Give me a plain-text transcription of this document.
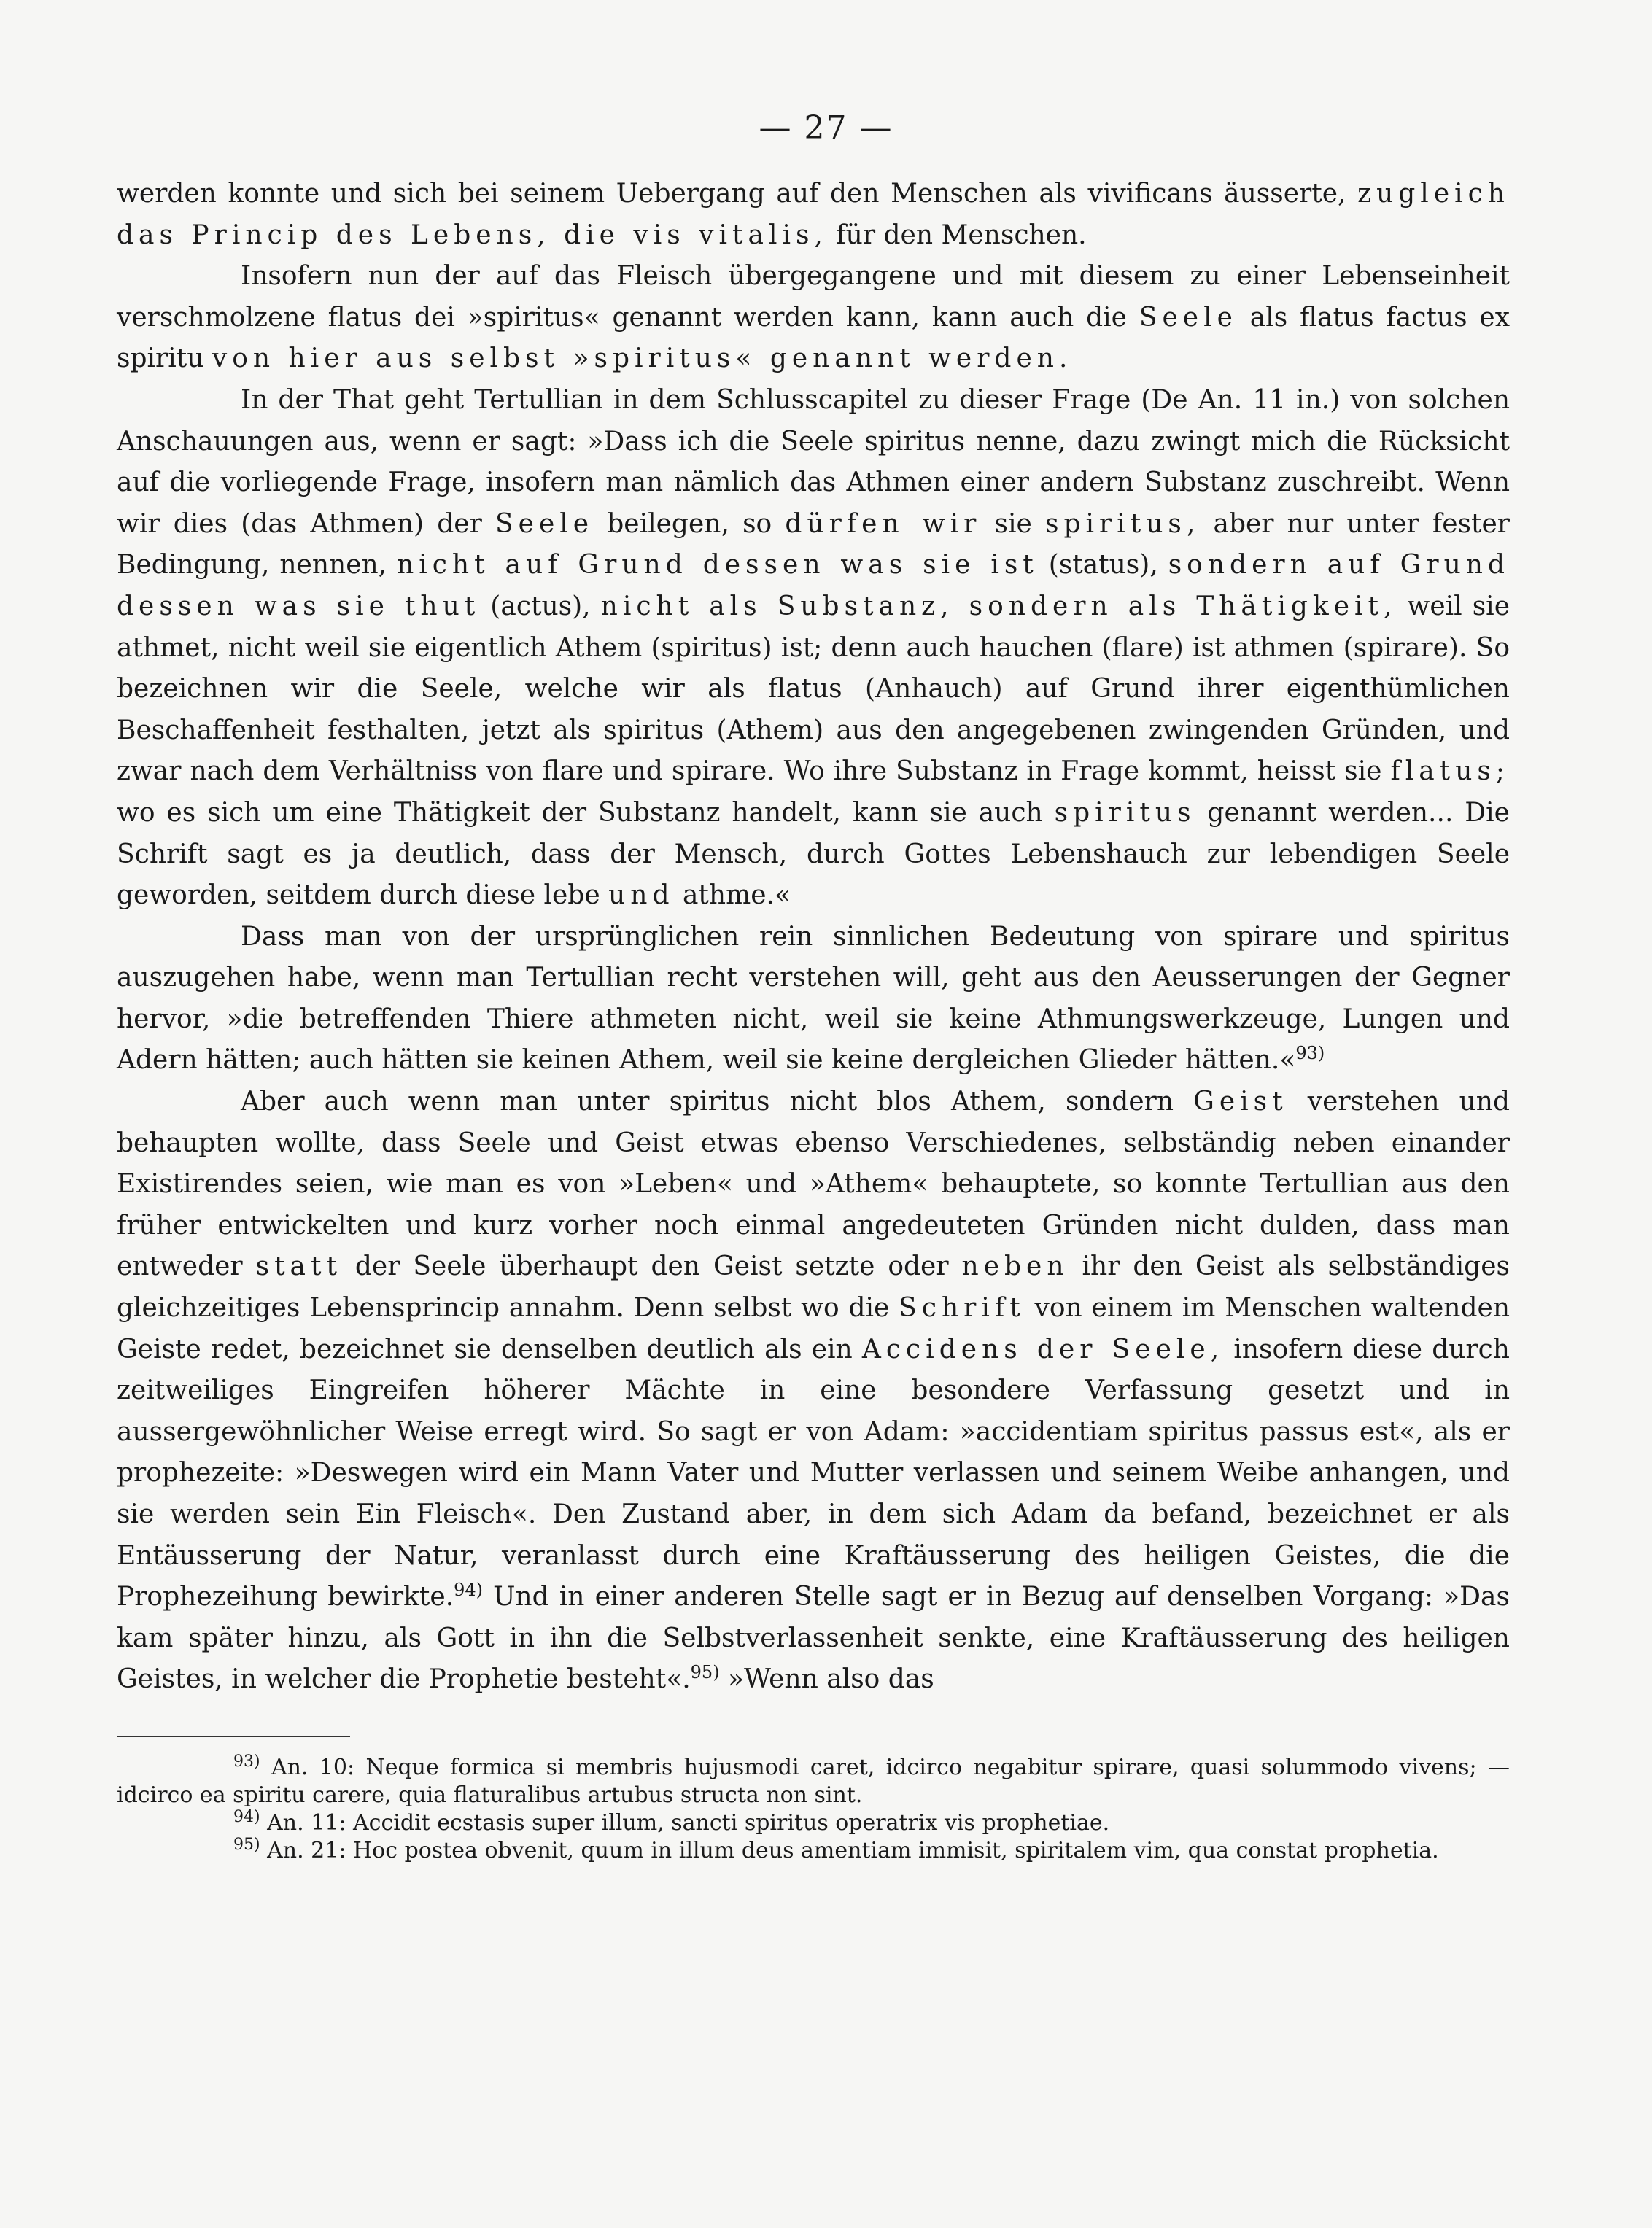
— 27 —

werden konnte und sich bei seinem Uebergang auf den Menschen als vivificans äusserte, zugleich das Princip des Lebens, die vis vitalis, für den Menschen.

Insofern nun der auf das Fleisch übergegangene und mit diesem zu einer Lebenseinheit verschmolzene flatus dei »spiritus« genannt werden kann, kann auch die Seele als flatus factus ex spiritu von hier aus selbst »spiritus« genannt werden.

In der That geht Tertullian in dem Schlusscapitel zu dieser Frage (De An. 11 in.) von solchen Anschauungen aus, wenn er sagt: »Dass ich die Seele spiritus nenne, dazu zwingt mich die Rücksicht auf die vorliegende Frage, insofern man nämlich das Athmen einer andern Substanz zuschreibt. Wenn wir dies (das Athmen) der Seele beilegen, so dürfen wir sie spiritus, aber nur unter fester Bedingung, nennen, nicht auf Grund dessen was sie ist (status), sondern auf Grund dessen was sie thut (actus), nicht als Substanz, sondern als Thätigkeit, weil sie athmet, nicht weil sie eigentlich Athem (spiritus) ist; denn auch hauchen (flare) ist athmen (spirare). So bezeichnen wir die Seele, welche wir als flatus (Anhauch) auf Grund ihrer eigenthümlichen Beschaffenheit festhalten, jetzt als spiritus (Athem) aus den angegebenen zwingenden Gründen, und zwar nach dem Verhältniss von flare und spirare. Wo ihre Substanz in Frage kommt, heisst sie flatus; wo es sich um eine Thätigkeit der Substanz handelt, kann sie auch spiritus genannt werden... Die Schrift sagt es ja deutlich, dass der Mensch, durch Gottes Lebenshauch zur lebendigen Seele geworden, seitdem durch diese lebe und athme.«

Dass man von der ursprünglichen rein sinnlichen Bedeutung von spirare und spiritus auszugehen habe, wenn man Tertullian recht verstehen will, geht aus den Aeusserungen der Gegner hervor, »die betreffenden Thiere athmeten nicht, weil sie keine Athmungswerkzeuge, Lungen und Adern hätten; auch hätten sie keinen Athem, weil sie keine dergleichen Glieder hätten.«$^{93)}$

Aber auch wenn man unter spiritus nicht blos Athem, sondern Geist verstehen und behaupten wollte, dass Seele und Geist etwas ebenso Verschiedenes, selbständig neben einander Existirendes seien, wie man es von »Leben« und »Athem« behauptete, so konnte Tertullian aus den früher entwickelten und kurz vorher noch einmal angedeuteten Gründen nicht dulden, dass man entweder statt der Seele überhaupt den Geist setzte oder neben ihr den Geist als selbständiges gleichzeitiges Lebensprincip annahm. Denn selbst wo die Schrift von einem im Menschen waltenden Geiste redet, bezeichnet sie denselben deutlich als ein Accidens der Seele, insofern diese durch zeitweiliges Eingreifen höherer Mächte in eine besondere Verfassung gesetzt und in aussergewöhnlicher Weise erregt wird. So sagt er von Adam: »accidentiam spiritus passus est«, als er prophezeite: »Deswegen wird ein Mann Vater und Mutter verlassen und seinem Weibe anhangen, und sie werden sein Ein Fleisch«. Den Zustand aber, in dem sich Adam da befand, bezeichnet er als Entäusserung der Natur, veranlasst durch eine Kraftäusserung des heiligen Geistes, die die Prophezeihung bewirkte.$^{94)}$ Und in einer anderen Stelle sagt er in Bezug auf denselben Vorgang: »Das kam später hinzu, als Gott in ihn die Selbstverlassenheit senkte, eine Kraftäusserung des heiligen Geistes, in welcher die Prophetie besteht«.$^{95)}$ »Wenn also das

$^{93)}$ An. 10: Neque formica si membris hujusmodi caret, idcirco negabitur spirare, quasi solummodo vivens; — idcirco ea spiritu carere, quia flaturalibus artubus structa non sint.

$^{94)}$ An. 11: Accidit ecstasis super illum, sancti spiritus operatrix vis prophetiae.

$^{95)}$ An. 21: Hoc postea obvenit, quum in illum deus amentiam immisit, spiritalem vim, qua constat prophetia.
